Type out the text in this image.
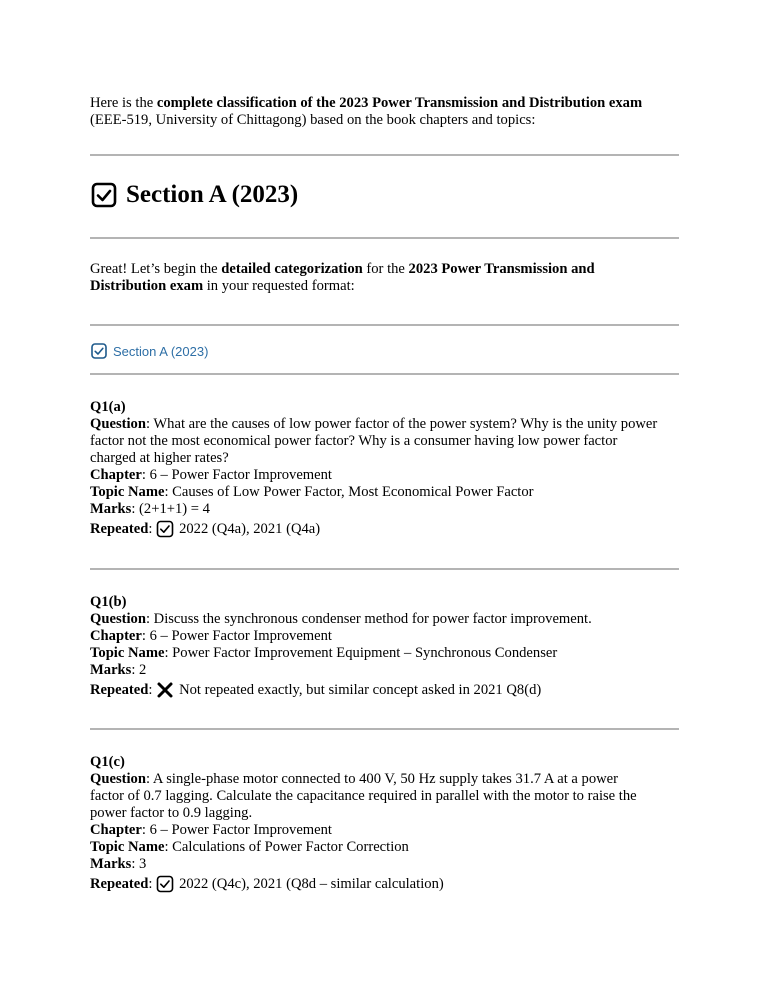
Here is the complete classification of the 2023 Power Transmission and Distribution exam
(EEE-519, University of Chittagong) based on the book chapters and topics:
Section A (2023)
Great! Let’s begin the detailed categorization for the 2023 Power Transmission and
Distribution exam in your requested format:
Section A (2023)
Q1(a)
Question: What are the causes of low power factor of the power system? Why is the unity power
factor not the most economical power factor? Why is a consumer having low power factor
charged at higher rates?
Chapter: 6 – Power Factor Improvement
Topic Name: Causes of Low Power Factor, Most Economical Power Factor
Marks: (2+1+1) = 4
Repeated : 2022 (Q4a), 2021 (Q4a)
Q1(b)
Question: Discuss the synchronous condenser method for power factor improvement.
Chapter: 6 – Power Factor Improvement
Topic Name: Power Factor Improvement Equipment – Synchronous Condenser
Marks: 2
Repeated : Not repeated exactly, but similar concept asked in 2021 Q8(d)
Q1(c)
Question: A single-phase motor connected to 400 V, 50 Hz supply takes 31.7 A at a power
factor of 0.7 lagging. Calculate the capacitance required in parallel with the motor to raise the
power factor to 0.9 lagging.
Chapter: 6 – Power Factor Improvement
Topic Name: Calculations of Power Factor Correction
Marks: 3
Repeated : 2022 (Q4c), 2021 (Q8d – similar calculation)
